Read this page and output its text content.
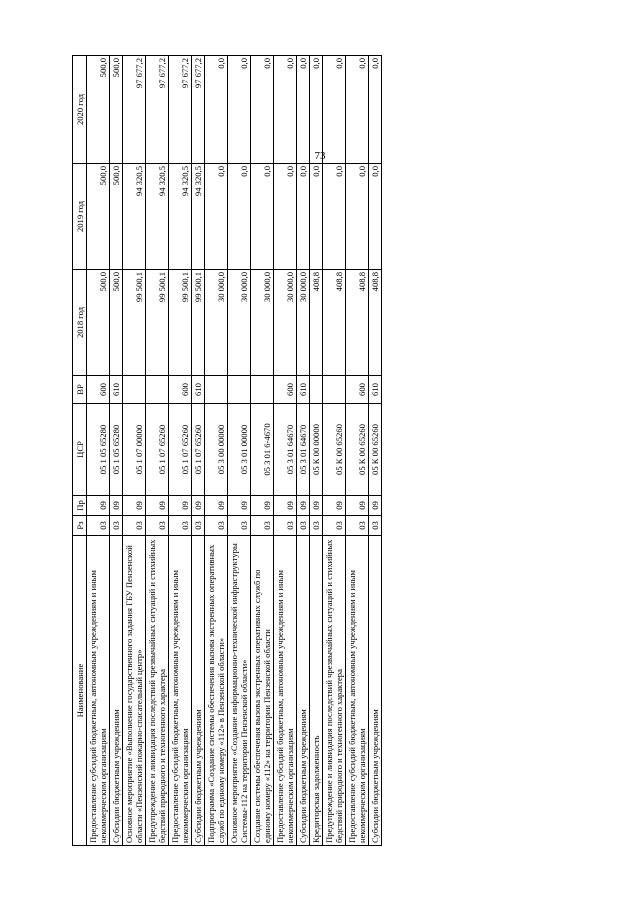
73
Наименование	Рз	Пр	ЦСР	ВР	2018 год	2019 год	2020 год
Предоставление субсидий бюджетным, автономным учреждениям и иным некоммерческим организациям	03	09	05 1 05 65280	600	500,0	500,0	500,0
Субсидии бюджетным учреждениям	03	09	05 1 05 65280	610	500,0	500,0	500,0
Основное мероприятие «Выполнение государственного задания ГБУ Пензенской области «Пензенский пожарно-спасательный центр»	03	09	05 1 07 00000		99 500,1	94 320,5	97 677,2
Предупреждение и ликвидация последствий чрезвычайных ситуаций и стихийных бедствий природного и техногенного характера	03	09	05 1 07 65260		99 500,1	94 320,5	97 677,2
Предоставление субсидий бюджетным, автономным учреждениям и иным некоммерческим организациям	03	09	05 1 07 65260	600	99 500,1	94 320,5	97 677,2
Субсидии бюджетным учреждениям	03	09	05 1 07 65260	610	99 500,1	94 320,5	97 677,2
Подпрограмма «Создание системы обеспечения вызова экстренных оперативных служб по единому номеру «112» в Пензенской области»	03	09	05 3 00 00000		30 000,0	0,0	0,0
Основное мероприятие «Создание информационно-технической инфраструктуры Системы-112 на территории Пензенской области»	03	09	05 3 01 00000		30 000,0	0,0	0,0
Создание системы обеспечения вызова экстренных оперативных служб по единому номеру «112» на территории Пензенской области	03	09	05 3 01 6-4670		30 000,0	0,0	0,0
Предоставление субсидий бюджетным, автономным учреждениям и иным некоммерческим организациям	03	09	05 3 01 64670	600	30 000,0	0,0	0,0
Субсидии бюджетным учреждениям	03	09	05 3 01 64670	610	30 000,0	0,0	0,0
Кредиторская задолженность	03	09	05 К 00 00000		408,8	0,0	0,0
Предупреждение и ликвидация последствий чрезвычайных ситуаций и стихийных бедствий природного и техногенного характера	03	09	05 К 00 65260		408,8	0,0	0,0
Предоставление субсидий бюджетным, автономным учреждениям и иным некоммерческим организациям	03	09	05 К 00 65260	600	408,8	0,0	0,0
Субсидии бюджетным учреждениям	03	09	05 К 00 65260	610	408,8	0,0	0,0
